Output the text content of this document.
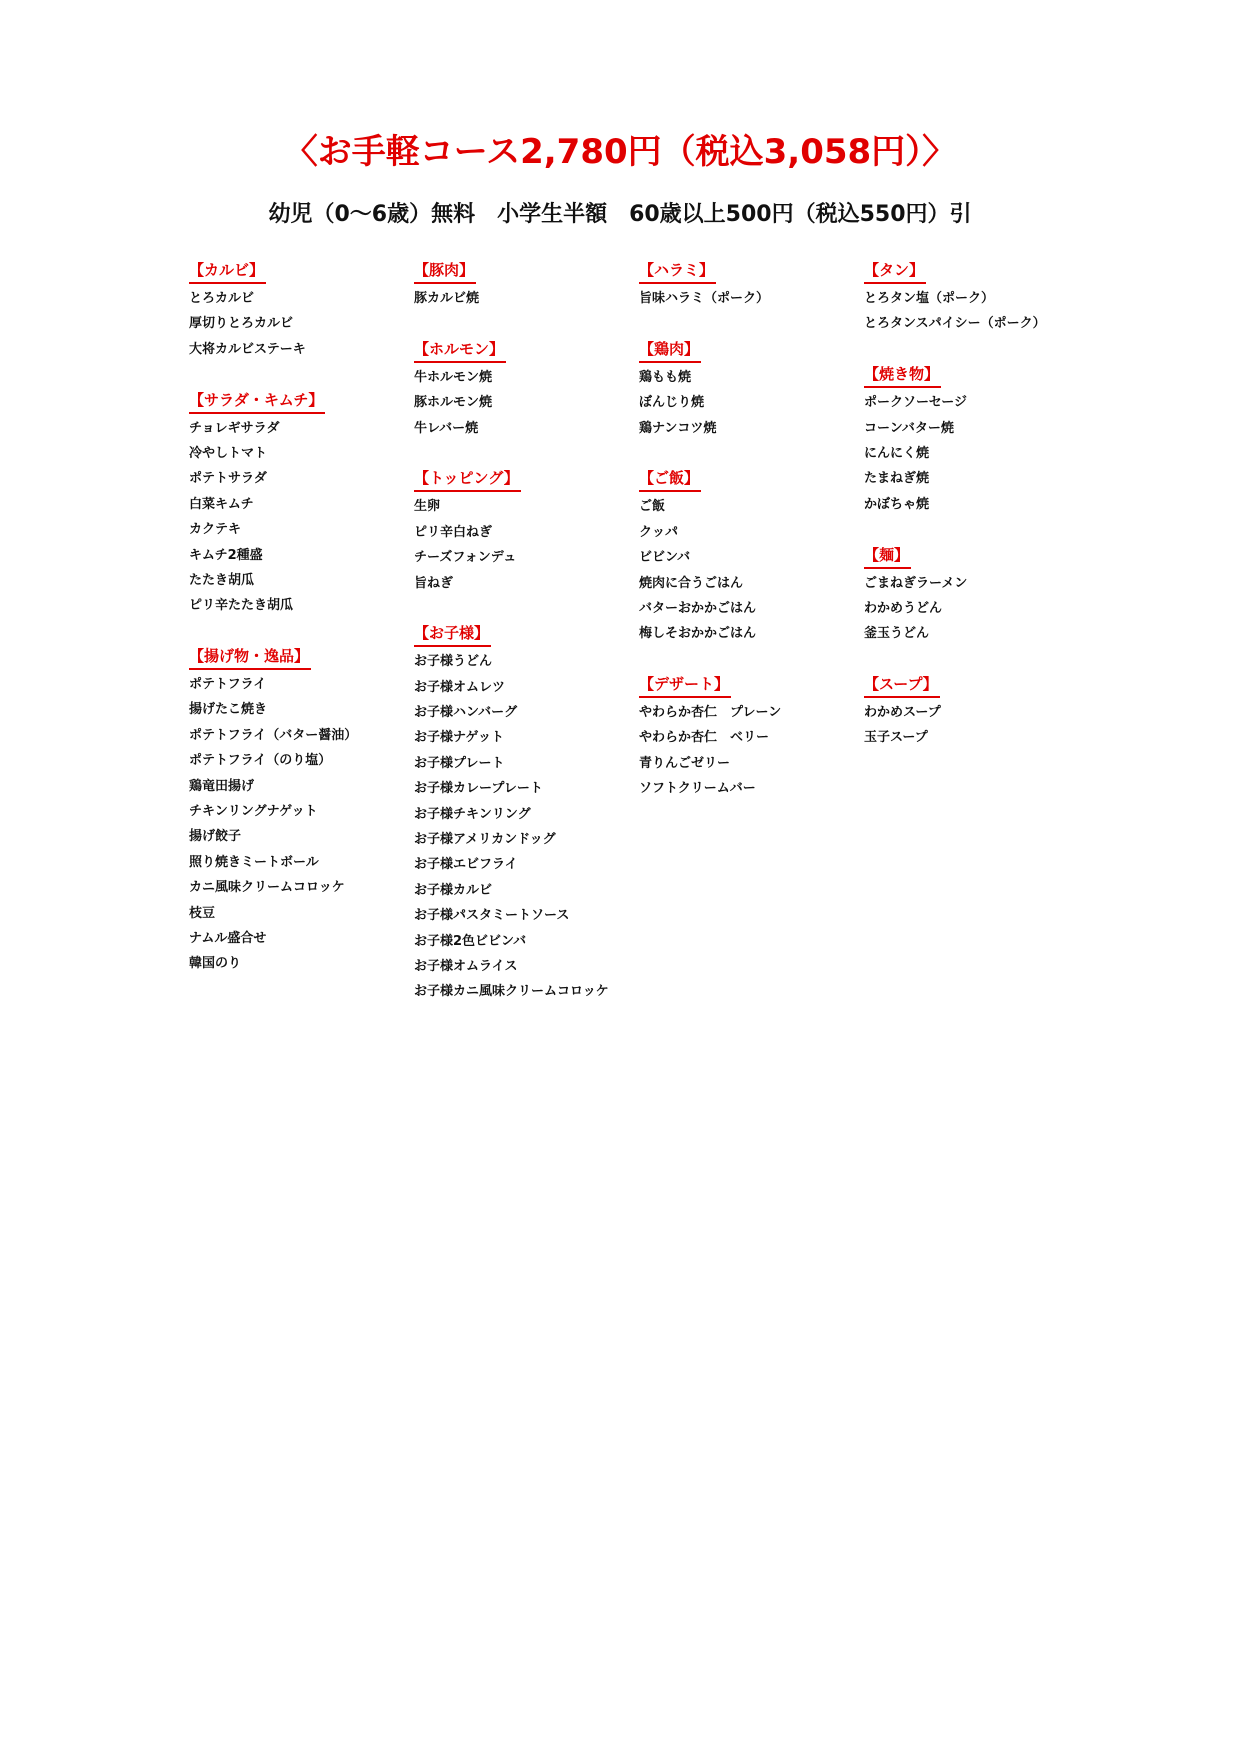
〈お手軽コース2,780円（税込3,058円）〉
幼児（0～6歳）無料　小学生半額　60歳以上500円（税込550円）引
【カルビ】
とろカルビ
厚切りとろカルビ
大将カルビステーキ
【サラダ・キムチ】
チョレギサラダ
冷やしトマト
ポテトサラダ
白菜キムチ
カクテキ
キムチ2種盛
たたき胡瓜
ピリ辛たたき胡瓜
【揚げ物・逸品】
ポテトフライ
揚げたこ焼き
ポテトフライ（バター醤油）
ポテトフライ（のり塩）
鶏竜田揚げ
チキンリングナゲット
揚げ餃子
照り焼きミートボール
カニ風味クリームコロッケ
枝豆
ナムル盛合せ
韓国のり
【豚肉】
豚カルビ焼
【ホルモン】
牛ホルモン焼
豚ホルモン焼
牛レバー焼
【トッピング】
生卵
ピリ辛白ねぎ
チーズフォンデュ
旨ねぎ
【お子様】
お子様うどん
お子様オムレツ
お子様ハンバーグ
お子様ナゲット
お子様プレート
お子様カレープレート
お子様チキンリング
お子様アメリカンドッグ
お子様エビフライ
お子様カルビ
お子様パスタミートソース
お子様2色ビビンバ
お子様オムライス
お子様カニ風味クリームコロッケ
【ハラミ】
旨味ハラミ（ポーク）
【鶏肉】
鶏もも焼
ぼんじり焼
鶏ナンコツ焼
【ご飯】
ご飯
クッパ
ビビンバ
焼肉に合うごはん
バターおかかごはん
梅しそおかかごはん
【デザート】
やわらか杏仁　プレーン
やわらか杏仁　ベリー
青りんごゼリー
ソフトクリームバー
【タン】
とろタン塩（ポーク）
とろタンスパイシー（ポーク）
【焼き物】
ポークソーセージ
コーンバター焼
にんにく焼
たまねぎ焼
かぼちゃ焼
【麺】
ごまねぎラーメン
わかめうどん
釜玉うどん
【スープ】
わかめスープ
玉子スープ
